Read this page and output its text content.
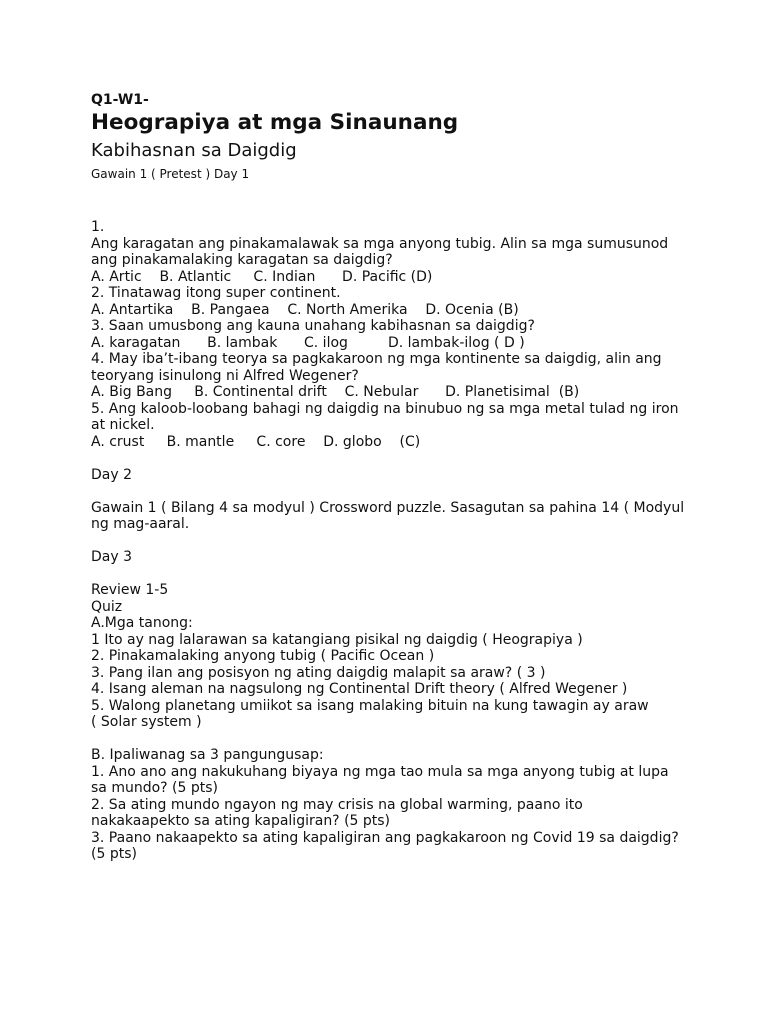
Q1-W1-

Heograpiya at mga Sinaunang

Kabihasnan sa Daigdig

Gawain 1 ( Pretest ) Day 1

1.

Ang karagatan ang pinakamalawak sa mga anyong tubig. Alin sa mga sumusunod

ang pinakamalaking karagatan sa daigdig?

A. Artic    B. Atlantic     C. Indian      D. Pacific (D)

2. Tinatawag itong super continent.

A. Antartika    B. Pangaea    C. North Amerika    D. Ocenia (B)

3. Saan umusbong ang kauna unahang kabihasnan sa daigdig?

A. karagatan      B. lambak      C. ilog         D. lambak-ilog ( D )

4. May iba’t-ibang teorya sa pagkakaroon ng mga kontinente sa daigdig, alin ang

teoryang isinulong ni Alfred Wegener?

A. Big Bang     B. Continental drift    C. Nebular      D. Planetisimal  (B)

5. Ang kaloob-loobang bahagi ng daigdig na binubuo ng sa mga metal tulad ng iron

at nickel.

A. crust     B. mantle     C. core    D. globo    (C)

Day 2

Gawain 1 ( Bilang 4 sa modyul ) Crossword puzzle. Sasagutan sa pahina 14 ( Modyul

ng mag-aaral.

Day 3

Review 1-5

Quiz

A.Mga tanong:

1 Ito ay nag lalarawan sa katangiang pisikal ng daigdig ( Heograpiya )

2. Pinakamalaking anyong tubig ( Pacific Ocean )

3. Pang ilan ang posisyon ng ating daigdig malapit sa araw? ( 3 )

4. Isang aleman na nagsulong ng Continental Drift theory ( Alfred Wegener )

5. Walong planetang umiikot sa isang malaking bituin na kung tawagin ay araw

( Solar system )

B. Ipaliwanag sa 3 pangungusap:

1. Ano ano ang nakukuhang biyaya ng mga tao mula sa mga anyong tubig at lupa

sa mundo? (5 pts)

2. Sa ating mundo ngayon ng may crisis na global warming, paano ito

nakakaapekto sa ating kapaligiran? (5 pts)

3. Paano nakaapekto sa ating kapaligiran ang pagkakaroon ng Covid 19 sa daigdig?

(5 pts)
